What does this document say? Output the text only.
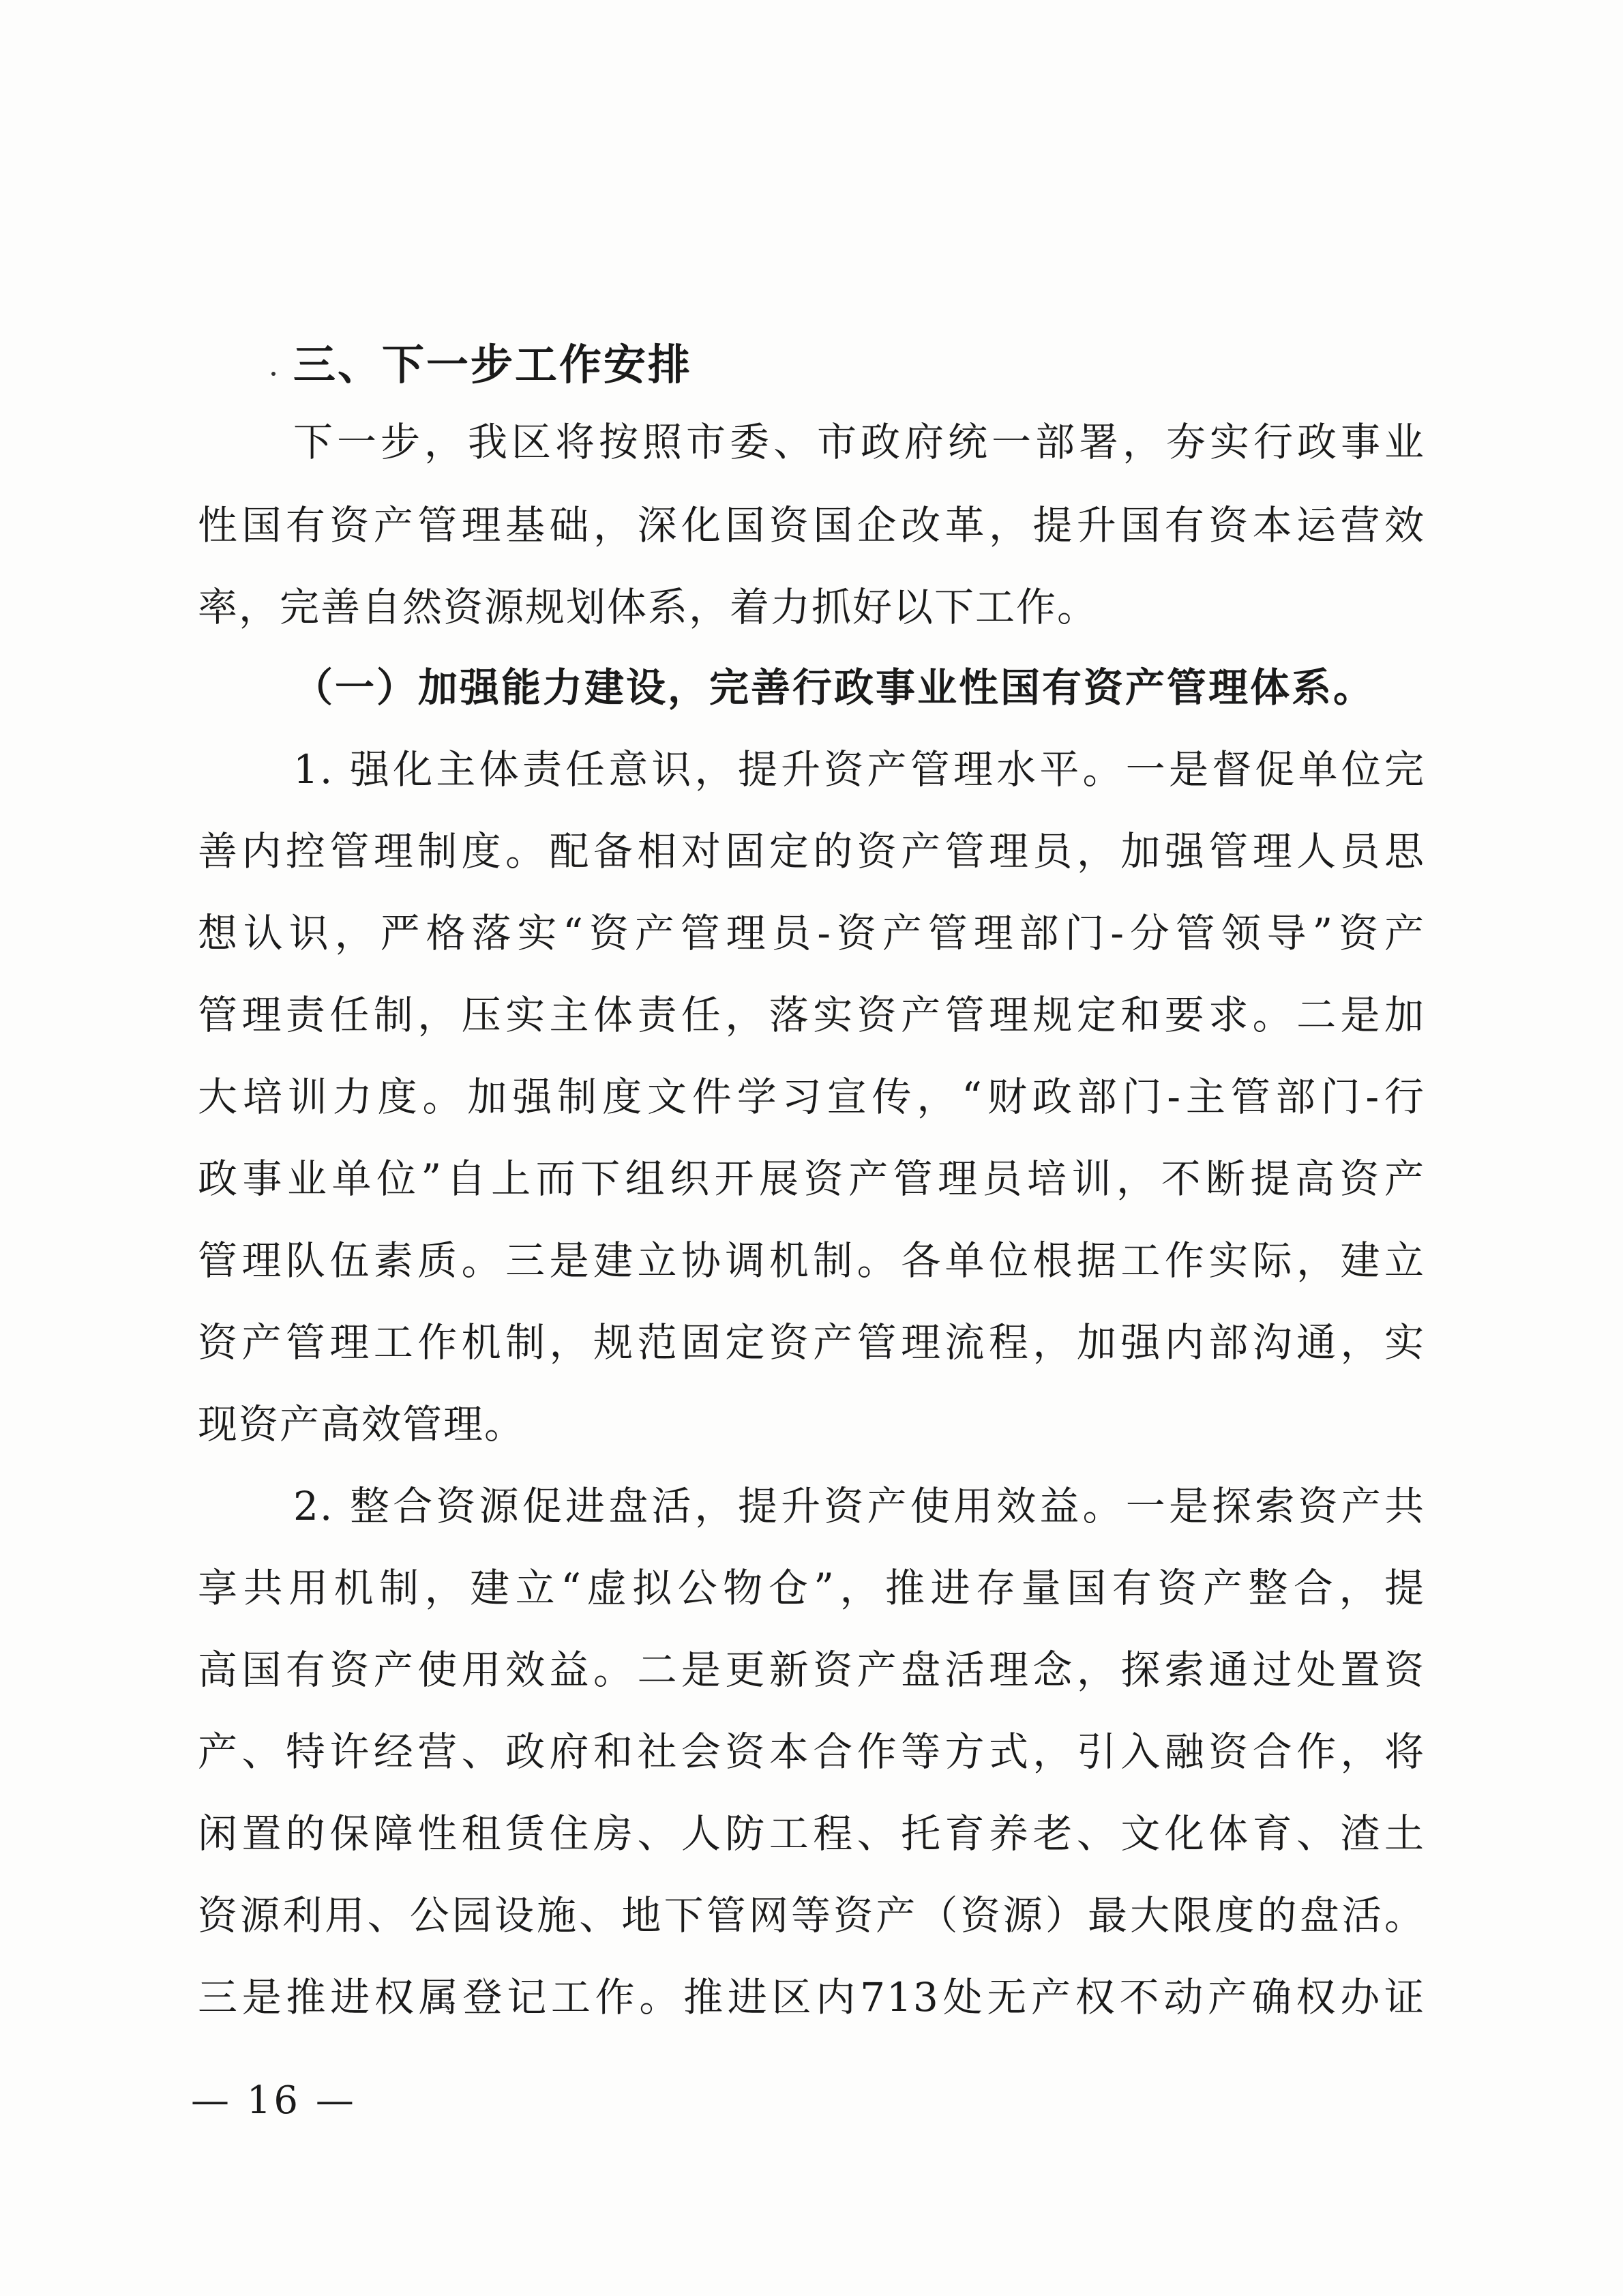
三、下一步工作安排
下一步，我区将按照市委、市政府统一部署，夯实行政事业
性国有资产管理基础，深化国资国企改革，提升国有资本运营效
率，完善自然资源规划体系，着力抓好以下工作。
（一）加强能力建设，完善行政事业性国有资产管理体系。
1. 强化主体责任意识，提升资产管理水平。一是督促单位完
善内控管理制度。配备相对固定的资产管理员，加强管理人员思
想认识，严格落实“资产管理员-资产管理部门-分管领导”资产
管理责任制，压实主体责任，落实资产管理规定和要求。二是加
大培训力度。加强制度文件学习宣传，“财政部门-主管部门-行
政事业单位”自上而下组织开展资产管理员培训，不断提高资产
管理队伍素质。三是建立协调机制。各单位根据工作实际，建立
资产管理工作机制，规范固定资产管理流程，加强内部沟通，实
现资产高效管理。
2. 整合资源促进盘活，提升资产使用效益。一是探索资产共
享共用机制，建立“虚拟公物仓”，推进存量国有资产整合，提
高国有资产使用效益。二是更新资产盘活理念，探索通过处置资
产、特许经营、政府和社会资本合作等方式，引入融资合作，将
闲置的保障性租赁住房、人防工程、托育养老、文化体育、渣土
资源利用、公园设施、地下管网等资产（资源）最大限度的盘活。
三是推进权属登记工作。推进区内713处无产权不动产确权办证
— 16 —
